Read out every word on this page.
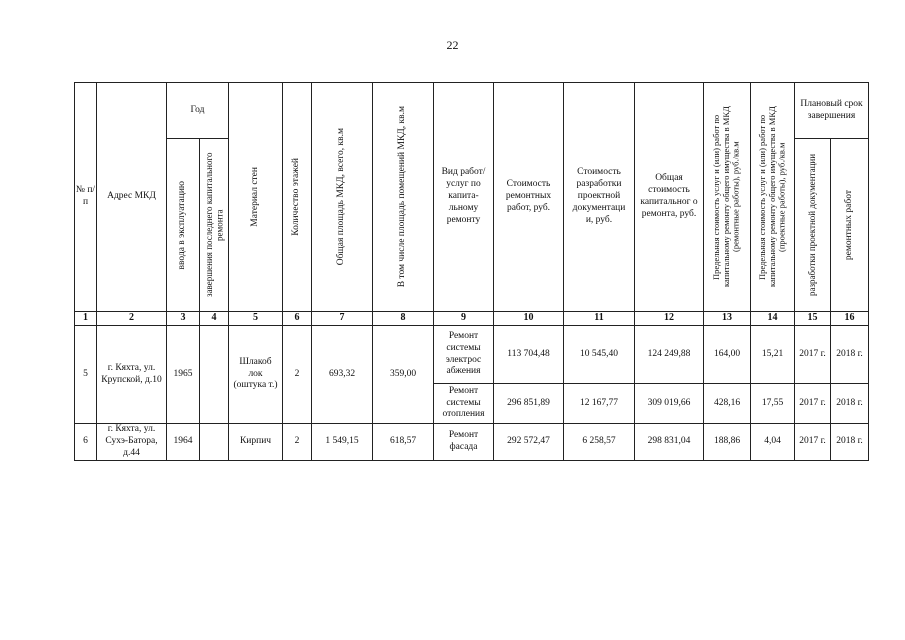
22
№ п/п	Адрес МКД	Год		Материал стен	Количество этажей	Общая площадь МКД, всего, кв.м	В том числе площадь помещений МКД, кв.м	Вид работ/ услуг по капита-льному ремонту	Стоимость ремонтных работ, руб.	Стоимость разработки проектной документаци и, руб.	Общая стоимость капитальног о ремонта, руб.	Предельная стоимость услуг и (или) работ по капитальному ремонту общего имущества в МКД (ремонтные работы), руб./кв.м	Предельная стоимость услуг и (или) работ по капитальному ремонту общего имущества в МКД (проектные работы), руб./кв.м	Плановый срок завершения	

		ввода в эксплуатацию	завершения последнего капитального ремонта											разработки проектной документации	ремонтных работ

1	2	3	4	5	6	7	8	9	10	11	12	13	14	15	16
5	г. Кяхта, ул. Крупской, д.10	1965		Шлакоб лок (оштука т.)	2	693,32	359,00	Ремонт системы электрос абжения	113 704,48	10 545,40	124 249,88	164,00	15,21	2017 г.	2018 г.
								Ремонт системы отопления	296 851,89	12 167,77	309 019,66	428,16	17,55	2017 г.	2018 г.
6	г. Кяхта, ул. Сухэ-Батора, д.44	1964		Кирпич	2	1 549,15	618,57	Ремонт фасада	292 572,47	6 258,57	298 831,04	188,86	4,04	2017 г.	2018 г.
